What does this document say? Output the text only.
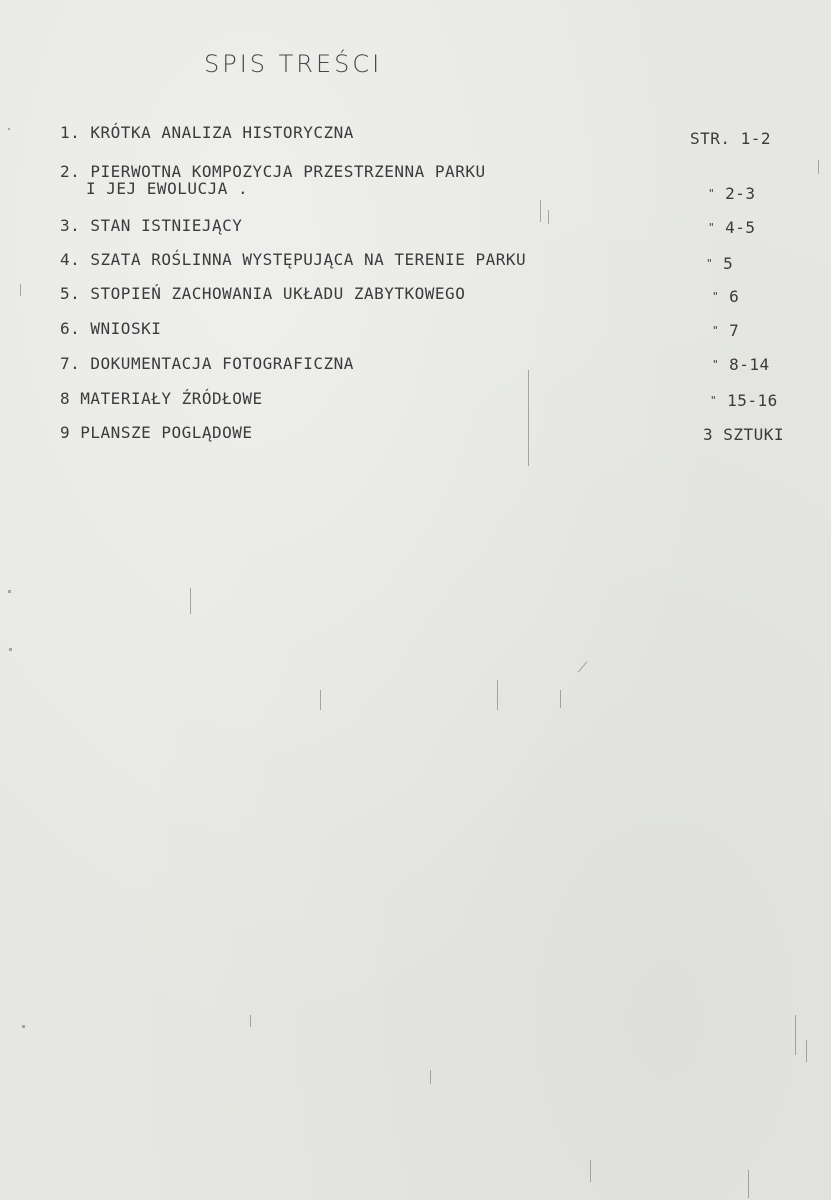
SPIS TREŚCI
1. KRÓTKA ANALIZA HISTORYCZNA	STR. 1-2
2. PIERWOTNA KOMPOZYCJA PRZESTRZENNA PARKU
I JEJ EWOLUCJA .	" 2-3
3. STAN ISTNIEJĄCY	" 4-5
4. SZATA ROŚLINNA WYSTĘPUJĄCA NA TERENIE PARKU	" 5
5. STOPIEŃ ZACHOWANIA UKŁADU ZABYTKOWEGO	" 6
6. WNIOSKI	" 7
7. DOKUMENTACJA FOTOGRAFICZNA	" 8-14
8 MATERIAŁY ŹRÓDŁOWE	" 15-16
9 PLANSZE POGLĄDOWE	3 SZTUKI
